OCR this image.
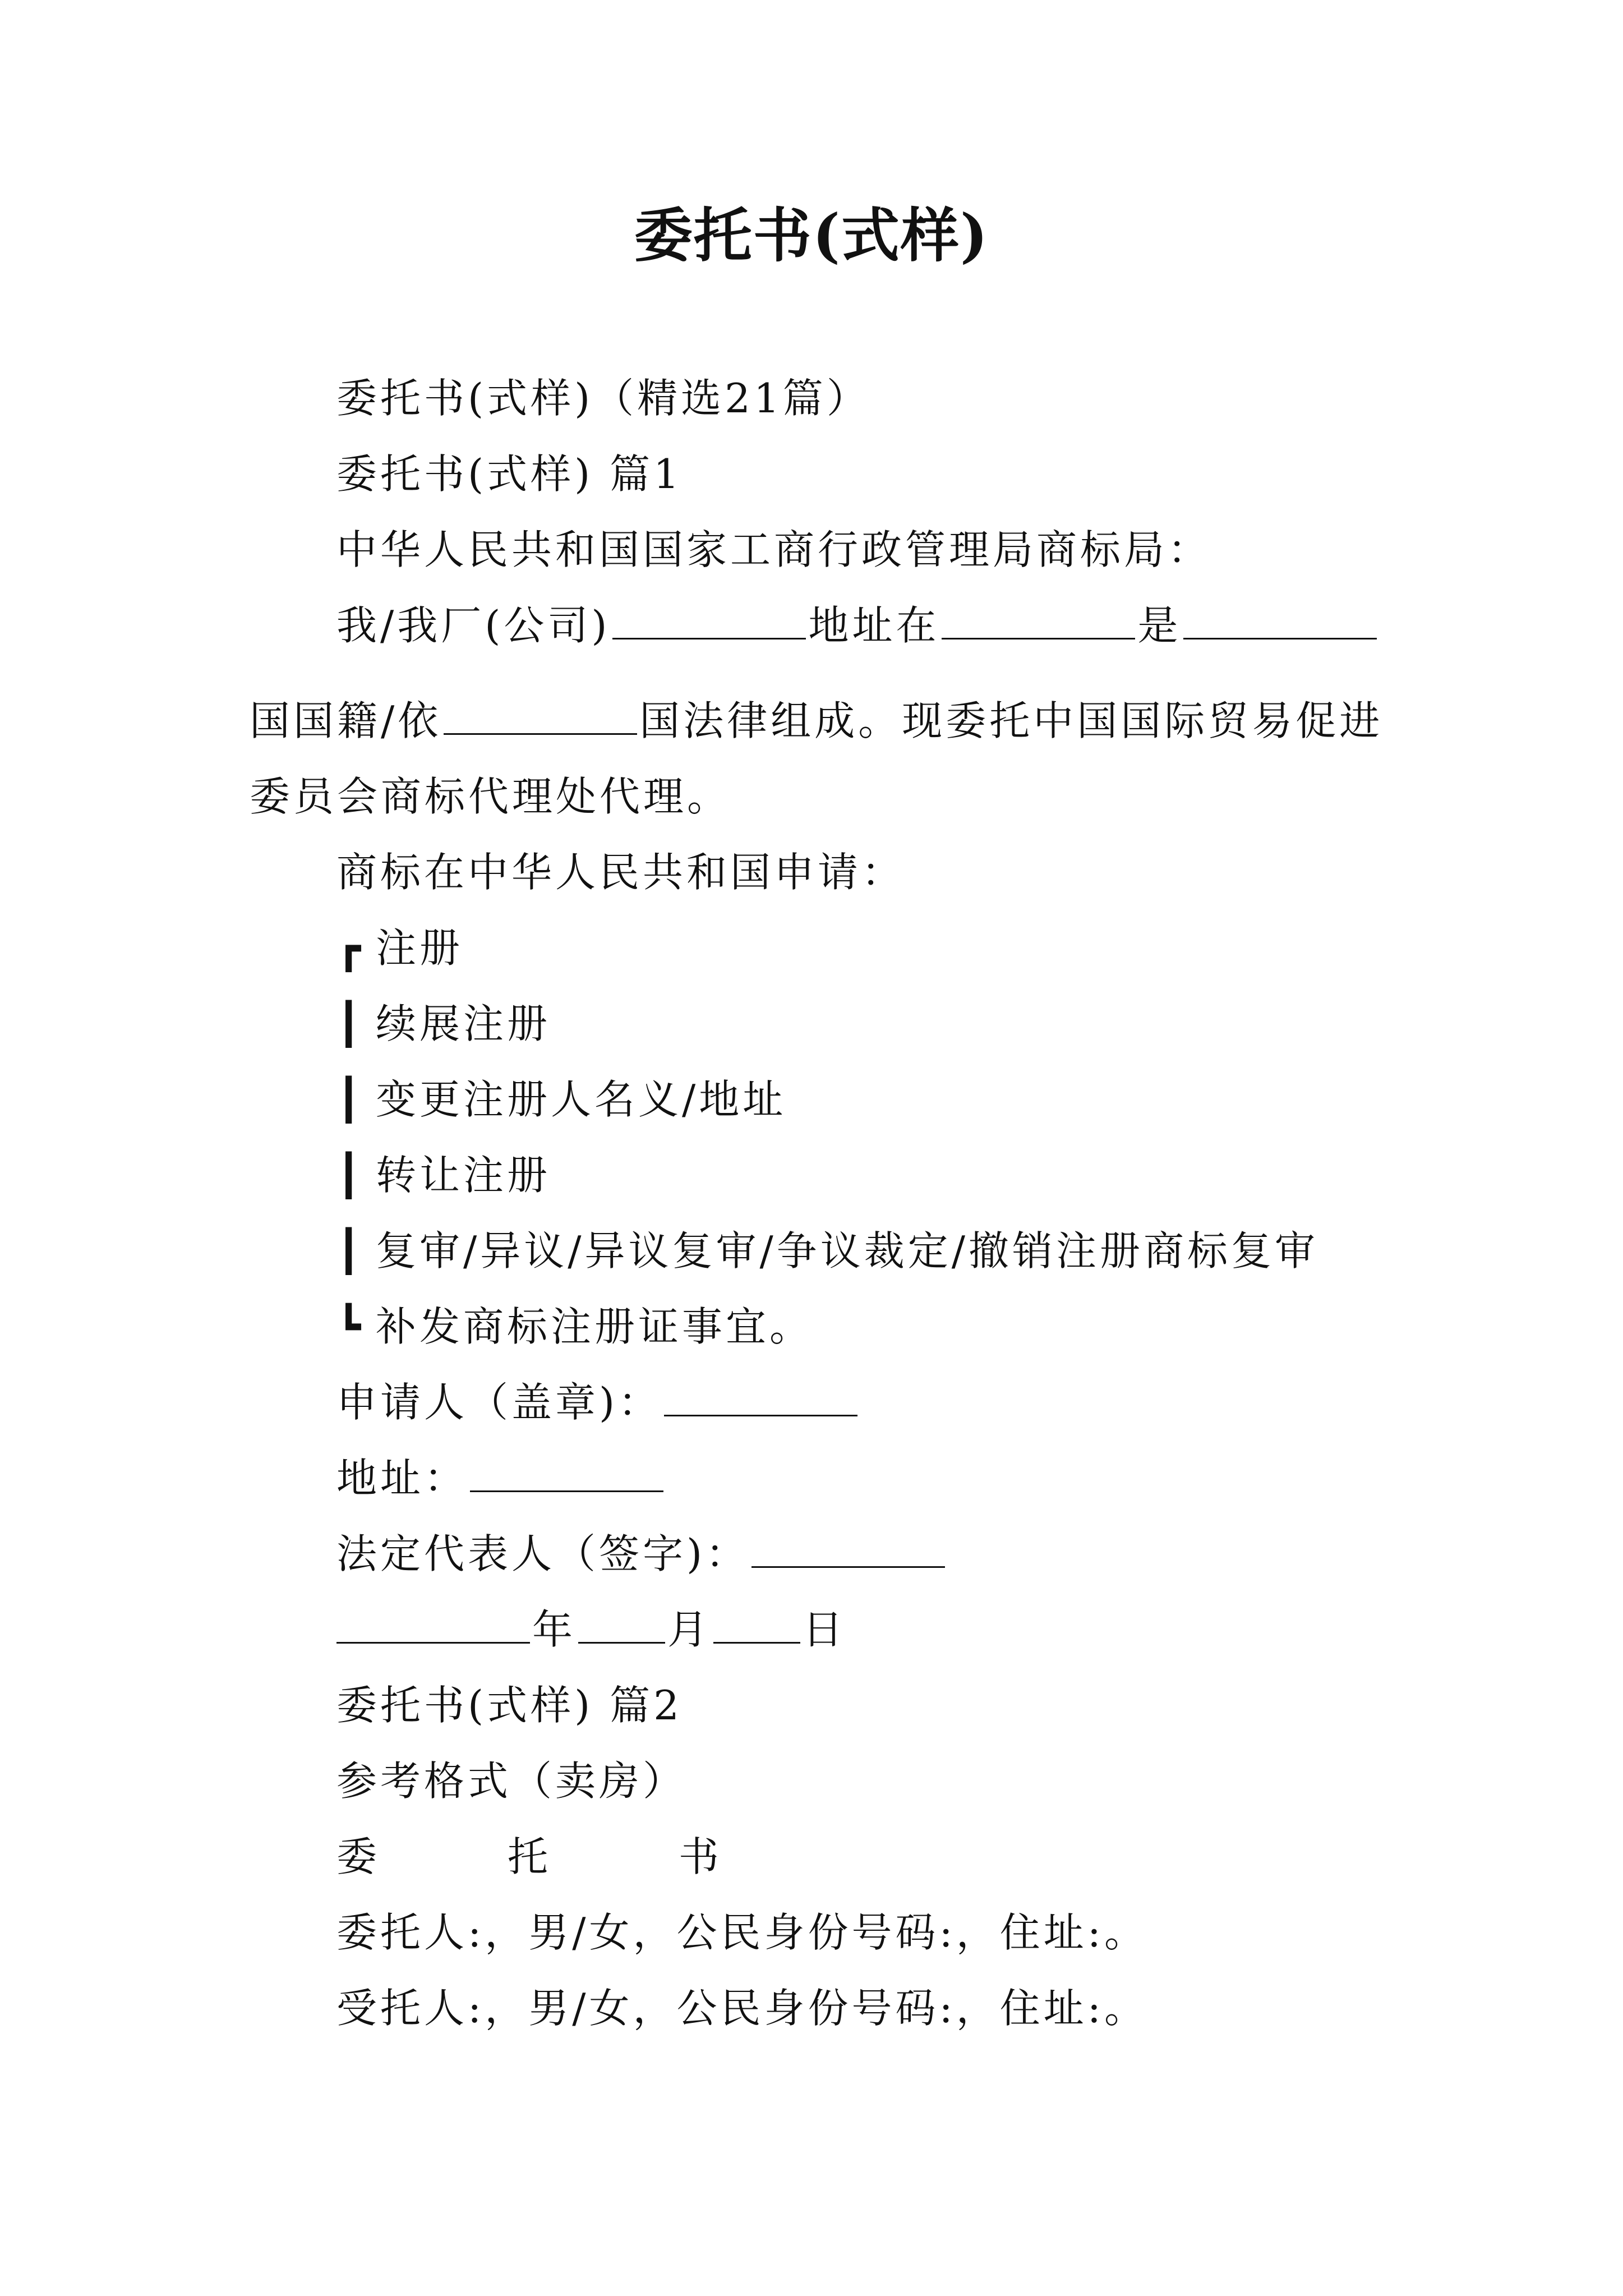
委托书(式样)
委托书(式样)（精选21篇）
委托书(式样) 篇1
中华人民共和国国家工商行政管理局商标局：
我/我厂(公司)	地址在	是
国国籍/依	国法律组成。现委托中国国际贸易促进
委员会商标代理处代理。
商标在中华人民共和国申请：
┏ 注册
┃ 续展注册
┃ 变更注册人名义/地址
┃ 转让注册
┃ 复审/异议/异议复审/争议裁定/撤销注册商标复审
┗ 补发商标注册证事宜。
申请人（盖章)：
地址：
法定代表人（签字)：
年 月 日
委托书(式样) 篇2
参考格式（卖房）
委	托	书
委托人:，男/女，公民身份号码:，住址:。
受托人:，男/女，公民身份号码:，住址:。
